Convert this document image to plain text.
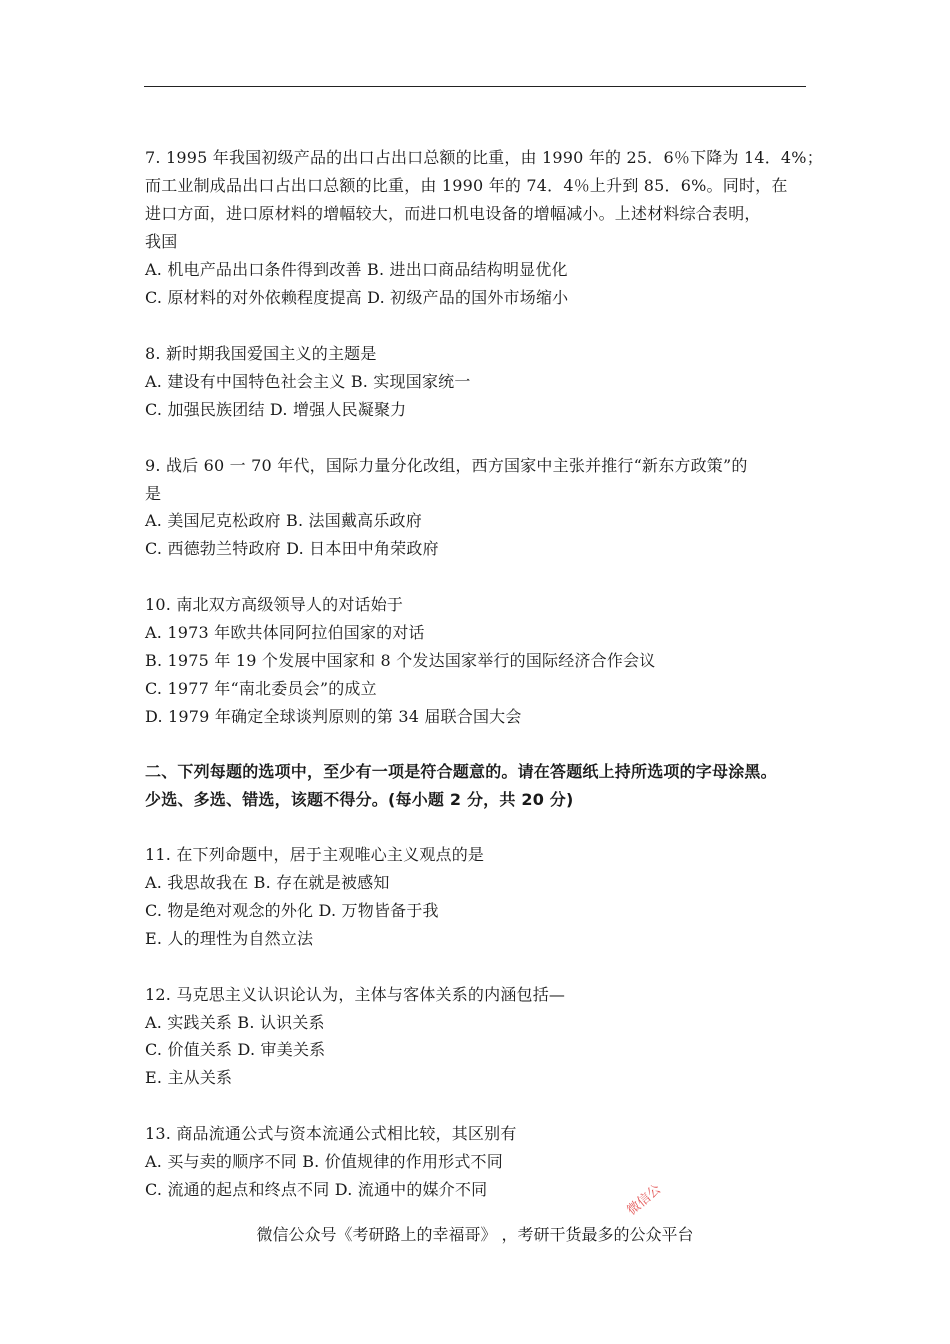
7. 1995 年我国初级产品的出口占出口总额的比重，由 1990 年的 25．6％下降为 14．4%；
而工业制成品出口占出口总额的比重，由 1990 年的 74．4％上升到 85．6%。同时，在
进口方面，进口原材料的增幅较大，而进口机电设备的增幅减小。上述材料综合表明，
我国
A. 机电产品出口条件得到改善 B. 进出口商品结构明显优化
C. 原材料的对外依赖程度提高 D. 初级产品的国外市场缩小
8. 新时期我国爱国主义的主题是
A. 建设有中国特色社会主义 B. 实现国家统一
C. 加强民族团结 D. 增强人民凝聚力
9. 战后 60 一 70 年代，国际力量分化改组，西方国家中主张并推行“新东方政策”的
是
A. 美国尼克松政府 B. 法国戴高乐政府
C. 西德勃兰特政府 D. 日本田中角荣政府
10. 南北双方高级领导人的对话始于
A. 1973 年欧共体同阿拉伯国家的对话
B. 1975 年 19 个发展中国家和 8 个发达国家举行的国际经济合作会议
C. 1977 年“南北委员会”的成立
D. 1979 年确定全球谈判原则的第 34 届联合国大会
二、下列每题的选项中，至少有一项是符合题意的。请在答题纸上持所选项的字母涂黑。
少选、多选、错选，该题不得分。(每小题 2 分，共 20 分)
11. 在下列命题中，居于主观唯心主义观点的是
A. 我思故我在 B. 存在就是被感知
C. 物是绝对观念的外化 D. 万物皆备于我
E. 人的理性为自然立法
12. 马克思主义认识论认为，主体与客体关系的内涵包括—
A. 实践关系 B. 认识关系
C. 价值关系 D. 审美关系
E. 主从关系
13. 商品流通公式与资本流通公式相比较，其区别有
A. 买与卖的顺序不同 B. 价值规律的作用形式不同
C. 流通的起点和终点不同 D. 流通中的媒介不同	微信公
微信公众号《考研路上的幸福哥》 ，考研干货最多的公众平台
